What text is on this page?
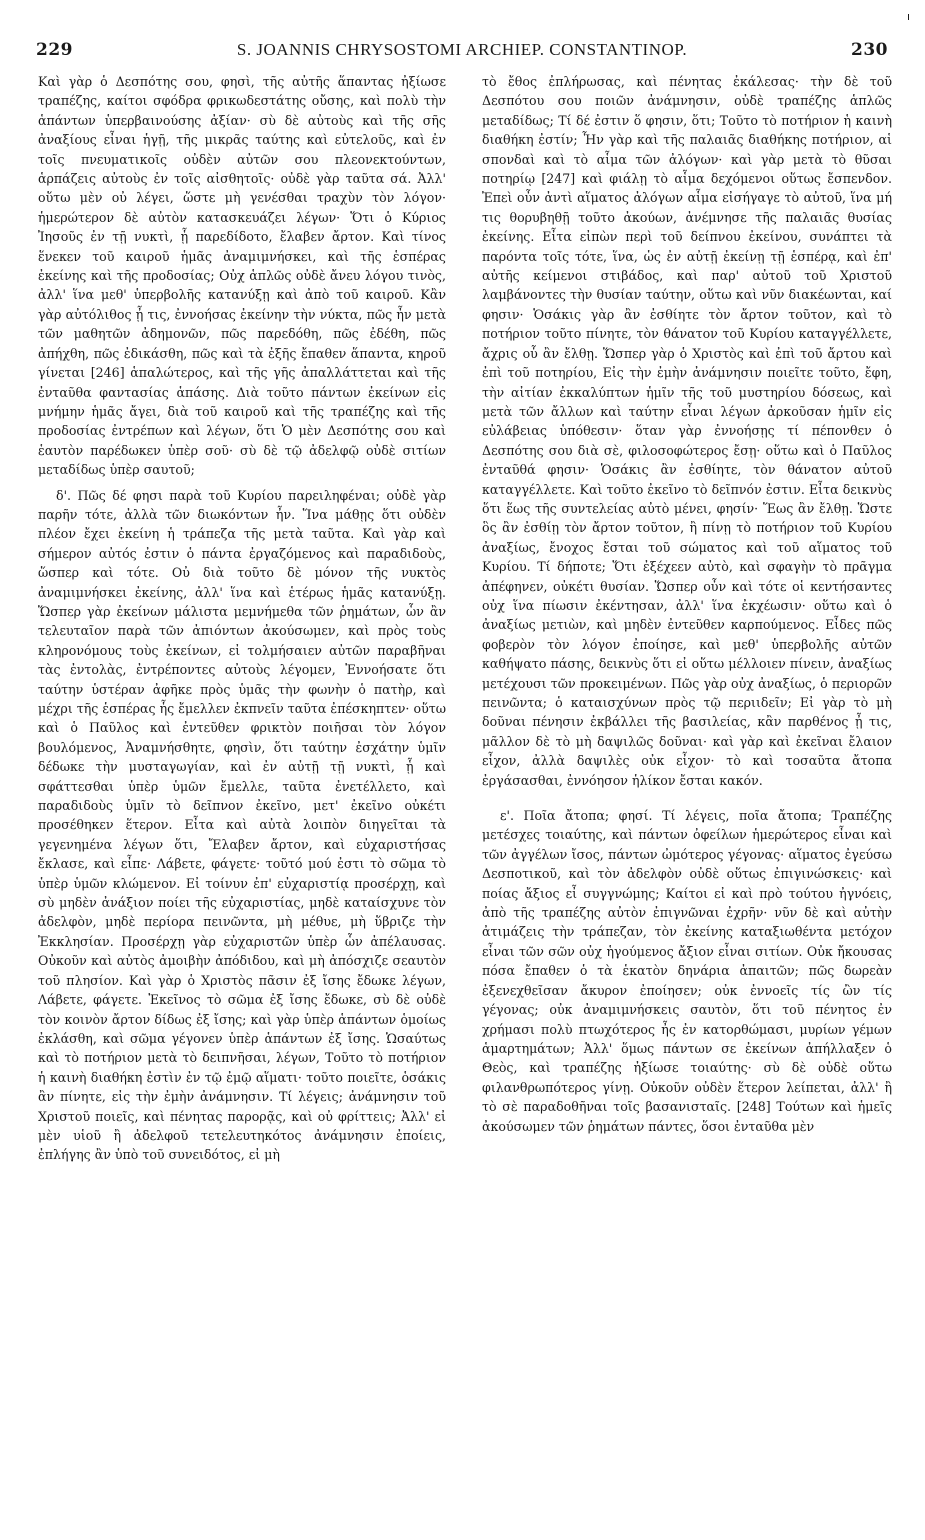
229	S. JOANNIS CHRYSOSTOMI ARCHIEP. CONSTANTINOP.	230

Καὶ γὰρ ὁ Δεσπότης σου, φησὶ, τῆς αὐτῆς ἅπαντας ἠξίωσε τραπέζης, καίτοι σφόδρα φρικωδεστάτης οὔσης, καὶ πολὺ τὴν ἁπάντων ὑπερβαινούσης ἀξίαν· σὺ δὲ αὐτοὺς καὶ τῆς σῆς ἀναξίους εἶναι ἡγῇ, τῆς μικρᾶς ταύτης καὶ εὐτελοῦς, καὶ ἐν τοῖς πνευματικοῖς οὐδὲν αὐτῶν σου πλεονεκτούντων, ἁρπάζεις αὐτοὺς ἐν τοῖς αἰσθητοῖς· οὐδὲ γὰρ ταῦτα σά. Ἀλλ' οὕτω μὲν οὐ λέγει, ὥστε μὴ γενέσθαι τραχὺν τὸν λόγον· ἡμερώτερον δὲ αὐτὸν κατασκευάζει λέγων· Ὅτι ὁ Κύριος Ἰησοῦς ἐν τῇ νυκτὶ, ᾗ παρεδίδοτο, ἔλαβεν ἄρτον. Καὶ τίνος ἕνεκεν τοῦ καιροῦ ἡμᾶς ἀναμιμνήσκει, καὶ τῆς ἑσπέρας ἐκείνης καὶ τῆς προδοσίας; Οὐχ ἁπλῶς οὐδὲ ἄνευ λόγου τινὸς, ἀλλ' ἵνα μεθ' ὑπερβολῆς κατανύξῃ καὶ ἀπὸ τοῦ καιροῦ. Κἂν γὰρ αὐτόλιθος ᾖ τις, ἐννοήσας ἐκείνην τὴν νύκτα, πῶς ἦν μετὰ τῶν μαθητῶν ἀδημονῶν, πῶς παρεδόθη, πῶς ἐδέθη, πῶς ἀπήχθη, πῶς ἐδικάσθη, πῶς καὶ τὰ ἐξῆς ἔπαθεν ἅπαντα, κηροῦ γίνεται [246] ἁπαλώτερος, καὶ τῆς γῆς ἀπαλλάττεται καὶ τῆς ἐνταῦθα φαντασίας ἁπάσης. Διὰ τοῦτο πάντων ἐκείνων εἰς μνήμην ἡμᾶς ἄγει, διὰ τοῦ καιροῦ καὶ τῆς τραπέζης καὶ τῆς προδοσίας ἐντρέπων καὶ λέγων, ὅτι Ὁ μὲν Δεσπότης σου καὶ ἑαυτὸν παρέδωκεν ὑπὲρ σοῦ· σὺ δὲ τῷ ἀδελφῷ οὐδὲ σιτίων μεταδίδως ὑπὲρ σαυτοῦ;

δ'. Πῶς δέ φησι παρὰ τοῦ Κυρίου παρειληφέναι; οὐδὲ γὰρ παρῆν τότε, ἀλλὰ τῶν διωκόντων ἦν. Ἵνα μάθῃς ὅτι οὐδὲν πλέον ἔχει ἐκείνη ἡ τράπεζα τῆς μετὰ ταῦτα. Καὶ γὰρ καὶ σήμερον αὐτός ἐστιν ὁ πάντα ἐργαζόμενος καὶ παραδιδοὺς, ὥσπερ καὶ τότε. Οὐ διὰ τοῦτο δὲ μόνον τῆς νυκτὸς ἀναμιμνήσκει ἐκείνης, ἀλλ' ἵνα καὶ ἑτέρως ἡμᾶς κατανύξῃ. Ὥσπερ γὰρ ἐκείνων μάλιστα μεμνήμεθα τῶν ῥημάτων, ὧν ἂν τελευταῖον παρὰ τῶν ἀπιόντων ἀκούσωμεν, καὶ πρὸς τοὺς κληρονόμους τοὺς ἐκείνων, εἰ τολμήσαιεν αὐτῶν παραβῆναι τὰς ἐντολὰς, ἐντρέποντες αὐτοὺς λέγομεν, Ἐννοήσατε ὅτι ταύτην ὑστέραν ἀφῆκε πρὸς ὑμᾶς τὴν φωνὴν ὁ πατὴρ, καὶ μέχρι τῆς ἑσπέρας ἧς ἔμελλεν ἐκπνεῖν ταῦτα ἐπέσκηπτεν· οὕτω καὶ ὁ Παῦλος καὶ ἐντεῦθεν φρικτὸν ποιῆσαι τὸν λόγον βουλόμενος, Ἀναμνήσθητε, φησὶν, ὅτι ταύτην ἐσχάτην ὑμῖν δέδωκε τὴν μυσταγωγίαν, καὶ ἐν αὐτῇ τῇ νυκτὶ, ᾗ καὶ σφάττεσθαι ὑπὲρ ὑμῶν ἔμελλε, ταῦτα ἐνετέλλετο, καὶ παραδιδοὺς ὑμῖν τὸ δεῖπνον ἐκεῖνο, μετ' ἐκεῖνο οὐκέτι προσέθηκεν ἕτερον. Εἶτα καὶ αὐτὰ λοιπὸν διηγεῖται τὰ γεγενημένα λέγων ὅτι, Ἔλαβεν ἄρτον, καὶ εὐχαριστήσας ἔκλασε, καὶ εἶπε· Λάβετε, φάγετε· τοῦτό μού ἐστι τὸ σῶμα τὸ ὑπὲρ ὑμῶν κλώμενον. Εἰ τοίνυν ἐπ' εὐχαριστίᾳ προσέρχῃ, καὶ σὺ μηδὲν ἀνάξιον ποίει τῆς εὐχαριστίας, μηδὲ καταίσχυνε τὸν ἀδελφὸν, μηδὲ περίορα πεινῶντα, μὴ μέθυε, μὴ ὕβριζε τὴν Ἐκκλησίαν. Προσέρχῃ γὰρ εὐχαριστῶν ὑπὲρ ὧν ἀπέλαυσας. Οὐκοῦν καὶ αὐτὸς ἀμοιβὴν ἀπόδιδου, καὶ μὴ ἀπόσχιζε σεαυτὸν τοῦ πλησίον. Καὶ γὰρ ὁ Χριστὸς πᾶσιν ἐξ ἴσης ἔδωκε λέγων, Λάβετε, φάγετε. Ἐκεῖνος τὸ σῶμα ἐξ ἴσης ἔδωκε, σὺ δὲ οὐδὲ τὸν κοινὸν ἄρτον δίδως ἐξ ἴσης; καὶ γὰρ ὑπὲρ ἁπάντων ὁμοίως ἐκλάσθη, καὶ σῶμα γέγονεν ὑπὲρ ἁπάντων ἐξ ἴσης. Ὡσαύτως καὶ τὸ ποτήριον μετὰ τὸ δειπνῆσαι, λέγων, Τοῦτο τὸ ποτήριον ἡ καινὴ διαθήκη ἐστὶν ἐν τῷ ἐμῷ αἵματι· τοῦτο ποιεῖτε, ὁσάκις ἂν πίνητε, εἰς τὴν ἐμὴν ἀνάμνησιν. Τί λέγεις; ἀνάμνησιν τοῦ Χριστοῦ ποιεῖς, καὶ πένητας παρορᾷς, καὶ οὐ φρίττεις; Ἀλλ' εἰ μὲν υἱοῦ ἢ ἀδελφοῦ τετελευτηκότος ἀνάμνησιν ἐποίεις, ἐπλήγης ἂν ὑπὸ τοῦ συνειδότος, εἰ μὴ

τὸ ἔθος ἐπλήρωσας, καὶ πένητας ἐκάλεσας· τὴν δὲ τοῦ Δεσπότου σου ποιῶν ἀνάμνησιν, οὐδὲ τραπέζης ἁπλῶς μεταδίδως; Τί δέ ἐστιν ὅ φησιν, ὅτι; Τοῦτο τὸ ποτήριον ἡ καινὴ διαθήκη ἐστίν; Ἦν γὰρ καὶ τῆς παλαιᾶς διαθήκης ποτήριον, αἱ σπονδαὶ καὶ τὸ αἷμα τῶν ἀλόγων· καὶ γὰρ μετὰ τὸ θῦσαι ποτηρίῳ [247] καὶ φιάλῃ τὸ αἷμα δεχόμενοι οὕτως ἔσπενδον. Ἐπεὶ οὖν ἀντὶ αἵματος ἀλόγων αἷμα εἰσήγαγε τὸ αὐτοῦ, ἵνα μή τις θορυβηθῇ τοῦτο ἀκούων, ἀνέμνησε τῆς παλαιᾶς θυσίας ἐκείνης. Εἶτα εἰπὼν περὶ τοῦ δείπνου ἐκείνου, συνάπτει τὰ παρόντα τοῖς τότε, ἵνα, ὡς ἐν αὐτῇ ἐκείνῃ τῇ ἑσπέρᾳ, καὶ ἐπ' αὐτῆς κείμενοι στιβάδος, καὶ παρ' αὐτοῦ τοῦ Χριστοῦ λαμβάνοντες τὴν θυσίαν ταύτην, οὕτω καὶ νῦν διακέωνται, καί φησιν· Ὁσάκις γὰρ ἂν ἐσθίητε τὸν ἄρτον τοῦτον, καὶ τὸ ποτήριον τοῦτο πίνητε, τὸν θάνατον τοῦ Κυρίου καταγγέλλετε, ἄχρις οὗ ἂν ἔλθῃ. Ὥσπερ γὰρ ὁ Χριστὸς καὶ ἐπὶ τοῦ ἄρτου καὶ ἐπὶ τοῦ ποτηρίου, Εἰς τὴν ἐμὴν ἀνάμνησιν ποιεῖτε τοῦτο, ἔφη, τὴν αἰτίαν ἐκκαλύπτων ἡμῖν τῆς τοῦ μυστηρίου δόσεως, καὶ μετὰ τῶν ἄλλων καὶ ταύτην εἶναι λέγων ἀρκοῦσαν ἡμῖν εἰς εὐλάβειας ὑπόθεσιν· ὅταν γὰρ ἐννοήσῃς τί πέπονθεν ὁ Δεσπότης σου διὰ σὲ, φιλοσοφώτερος ἔσῃ· οὕτω καὶ ὁ Παῦλος ἐνταῦθά φησιν· Ὁσάκις ἂν ἐσθίητε, τὸν θάνατον αὐτοῦ καταγγέλλετε. Καὶ τοῦτο ἐκεῖνο τὸ δεῖπνόν ἐστιν. Εἶτα δεικνὺς ὅτι ἕως τῆς συντελείας αὐτὸ μένει, φησίν· Ἕως ἂν ἔλθῃ. Ὥστε ὃς ἂν ἐσθίῃ τὸν ἄρτον τοῦτον, ἢ πίνῃ τὸ ποτήριον τοῦ Κυρίου ἀναξίως, ἔνοχος ἔσται τοῦ σώματος καὶ τοῦ αἵματος τοῦ Κυρίου. Τί δήποτε; Ὅτι ἐξέχεεν αὐτὸ, καὶ σφαγὴν τὸ πρᾶγμα ἀπέφηνεν, οὐκέτι θυσίαν. Ὥσπερ οὖν καὶ τότε οἱ κεντήσαντες οὐχ ἵνα πίωσιν ἐκέντησαν, ἀλλ' ἵνα ἐκχέωσιν· οὕτω καὶ ὁ ἀναξίως μετιὼν, καὶ μηδὲν ἐντεῦθεν καρπούμενος. Εἶδες πῶς φοβερὸν τὸν λόγον ἐποίησε, καὶ μεθ' ὑπερβολῆς αὐτῶν καθήψατο πάσης, δεικνὺς ὅτι εἰ οὕτω μέλλοιεν πίνειν, ἀναξίως μετέχουσι τῶν προκειμένων. Πῶς γὰρ οὐχ ἀναξίως, ὁ περιορῶν πεινῶντα; ὁ καταισχύνων πρὸς τῷ περιιδεῖν; Εἰ γὰρ τὸ μὴ δοῦναι πένησιν ἐκβάλλει τῆς βασιλείας, κἂν παρθένος ᾖ τις, μᾶλλον δὲ τὸ μὴ δαψιλῶς δοῦναι· καὶ γὰρ καὶ ἐκεῖναι ἔλαιον εἶχον, ἀλλὰ δαψιλὲς οὐκ εἶχον· τὸ καὶ τοσαῦτα ἄτοπα ἐργάσασθαι, ἐννόησον ἡλίκον ἔσται κακόν.

ε'. Ποῖα ἄτοπα; φησί. Τί λέγεις, ποῖα ἄτοπα; Τραπέζης μετέσχες τοιαύτης, καὶ πάντων ὀφείλων ἡμερώτερος εἶναι καὶ τῶν ἀγγέλων ἴσος, πάντων ὠμότερος γέγονας· αἵματος ἐγεύσω Δεσποτικοῦ, καὶ τὸν ἀδελφὸν οὐδὲ οὕτως ἐπιγινώσκεις· καὶ ποίας ἄξιος εἶ συγγνώμης; Καίτοι εἰ καὶ πρὸ τούτου ἠγνόεις, ἀπὸ τῆς τραπέζης αὐτὸν ἐπιγνῶναι ἐχρῆν· νῦν δὲ καὶ αὐτὴν ἀτιμάζεις τὴν τράπεζαν, τὸν ἐκείνης καταξιωθέντα μετόχον εἶναι τῶν σῶν οὐχ ἡγούμενος ἄξιον εἶναι σιτίων. Οὐκ ἤκουσας πόσα ἔπαθεν ὁ τὰ ἑκατὸν δηνάρια ἀπαιτῶν; πῶς δωρεὰν ἐξενεχθεῖσαν ἄκυρον ἐποίησεν; οὐκ ἐννοεῖς τίς ὢν τίς γέγονας; οὐκ ἀναμιμνήσκεις σαυτὸν, ὅτι τοῦ πένητος ἐν χρήμασι πολὺ πτωχότερος ἦς ἐν κατορθώμασι, μυρίων γέμων ἁμαρτημάτων; Ἀλλ' ὅμως πάντων σε ἐκείνων ἀπήλλαξεν ὁ Θεὸς, καὶ τραπέζης ἠξίωσε τοιαύτης· σὺ δὲ οὐδὲ οὕτω φιλανθρωπότερος γίνῃ. Οὐκοῦν οὐδὲν ἕτερον λείπεται, ἀλλ' ἢ τὸ σὲ παραδοθῆναι τοῖς βασανισταῖς. [248] Τούτων καὶ ἡμεῖς ἀκούσωμεν τῶν ῥημάτων πάντες, ὅσοι ἐνταῦθα μὲν
